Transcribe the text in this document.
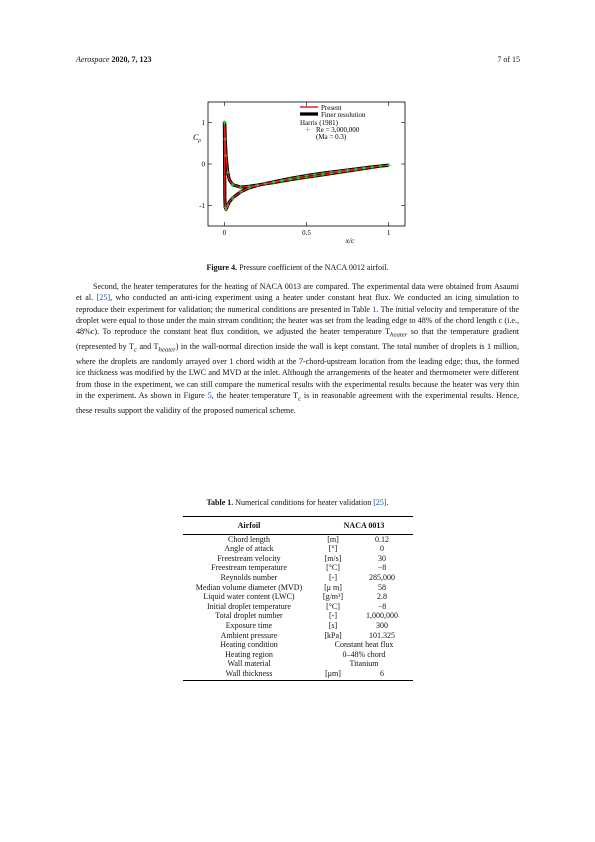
Aerospace 2020, 7, 123	7 of 15
0	0.5	1
1
0
-1
Present
Finer resolution
Harris (1981)
+ Re = 3,000,000
(Ma = 0.3)
$C_p$
x/c
Figure 4. Pressure coefficient of the NACA 0012 airfoil.

Second, the heater temperatures for the heating of NACA 0013 are compared. The experimental data were obtained from Asaumi et al. [25], who conducted an anti-icing experiment using a heater under constant heat flux. We conducted an icing simulation to reproduce their experiment for validation; the numerical conditions are presented in Table 1. The initial velocity and temperature of the droplet were equal to those under the main stream condition; the heater was set from the leading edge to 48% of the chord length c (i.e., 48%c). To reproduce the constant heat flux condition, we adjusted the heater temperature $T_{heater}$ so that the temperature gradient (represented by $T_c$ and $T_{heater}$) in the wall-normal direction inside the wall is kept constant. The total number of droplets is 1 million, where the droplets are randomly arrayed over 1 chord width at the 7-chord-upstream location from the leading edge; thus, the formed ice thickness was modified by the LWC and MVD at the inlet. Although the arrangements of the heater and thermometer were different from those in the experiment, we can still compare the numerical results with the experimental results because the heater was very thin in the experiment. As shown in Figure 5, the heater temperature $T_c$ is in reasonable agreement with the experimental results. Hence, these results support the validity of the proposed numerical scheme.

Table 1. Numerical conditions for heater validation [25].
Airfoil	NACA 0013	
Chord length	[m]	0.12
Angle of attack	[°]	0
Freestream velocity	[m/s]	30
Freestream temperature	[°C]	−8
Reynolds number	[-]	285,000
Median volume diameter (MVD)	[μ m]	58
Liquid water content (LWC)	[g/m³]	2.8
Initial droplet temperature	[°C]	−8
Total droplet number	[-]	1,000,000
Exposure time	[s]	300
Ambient pressure	[kPa]	101.325
Heating condition	Constant heat flux	
Heating region	0–48% chord	
Wall material	Titanium	
Wall thickness	[μm]	6
